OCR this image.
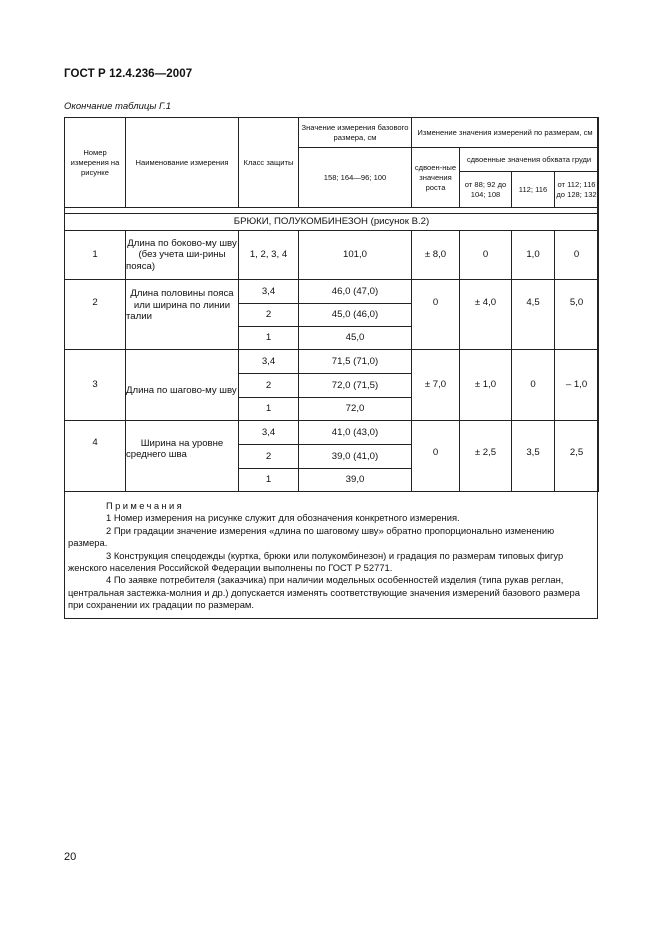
ГОСТ Р 12.4.236—2007
Окончание таблицы Г.1
Номер измерения на рисунке	Наименование измерения	Класс защиты	Значение измерения базового размера, см	Изменение значения измерений по размерам, см			
			158; 164—96; 100	сдвоен-ные значения роста	сдвоенные значения обхвата груди		
					от 88; 92 до 104; 108	112; 116	от 112; 116 до 128; 132

БРЮКИ, ПОЛУКОМБИНЕЗОН (рисунок В.2)							
1	Длина по боково-му шву (без учета ши-рины пояса)	1, 2, 3, 4	101,0	± 8,0	0	1,0	0
2	Длина половины пояса или ширина по линии талии	3,4	46,0 (47,0)	0	± 4,0	4,5	5,0
		2	45,0 (46,0)				
		1	45,0				
3	Длина по шагово-му шву	3,4	71,5 (71,0)	± 7,0	± 1,0	0	– 1,0
		2	72,0 (71,5)				
		1	72,0				
4	Ширина на уровне среднего шва	3,4	41,0 (43,0)	0	± 2,5	3,5	2,5
		2	39,0 (41,0)				
		1	39,0				
Примечания

1 Номер измерения на рисунке служит для обозначения конкретного измерения.

2 При градации значение измерения «длина по шаговому шву» обратно пропорционально изменению размера.

3 Конструкция спецодежды (куртка, брюки или полукомбинезон) и градация по размерам типовых фигур женского населения Российской Федерации выполнены по ГОСТ Р 52771.

4 По заявке потребителя (заказчика) при наличии модельных особенностей изделия (типа рукав реглан, центральная застежка-молния и др.) допускается изменять соответствующие значения измерений базового размера при сохранении их градации по размерам.

20
